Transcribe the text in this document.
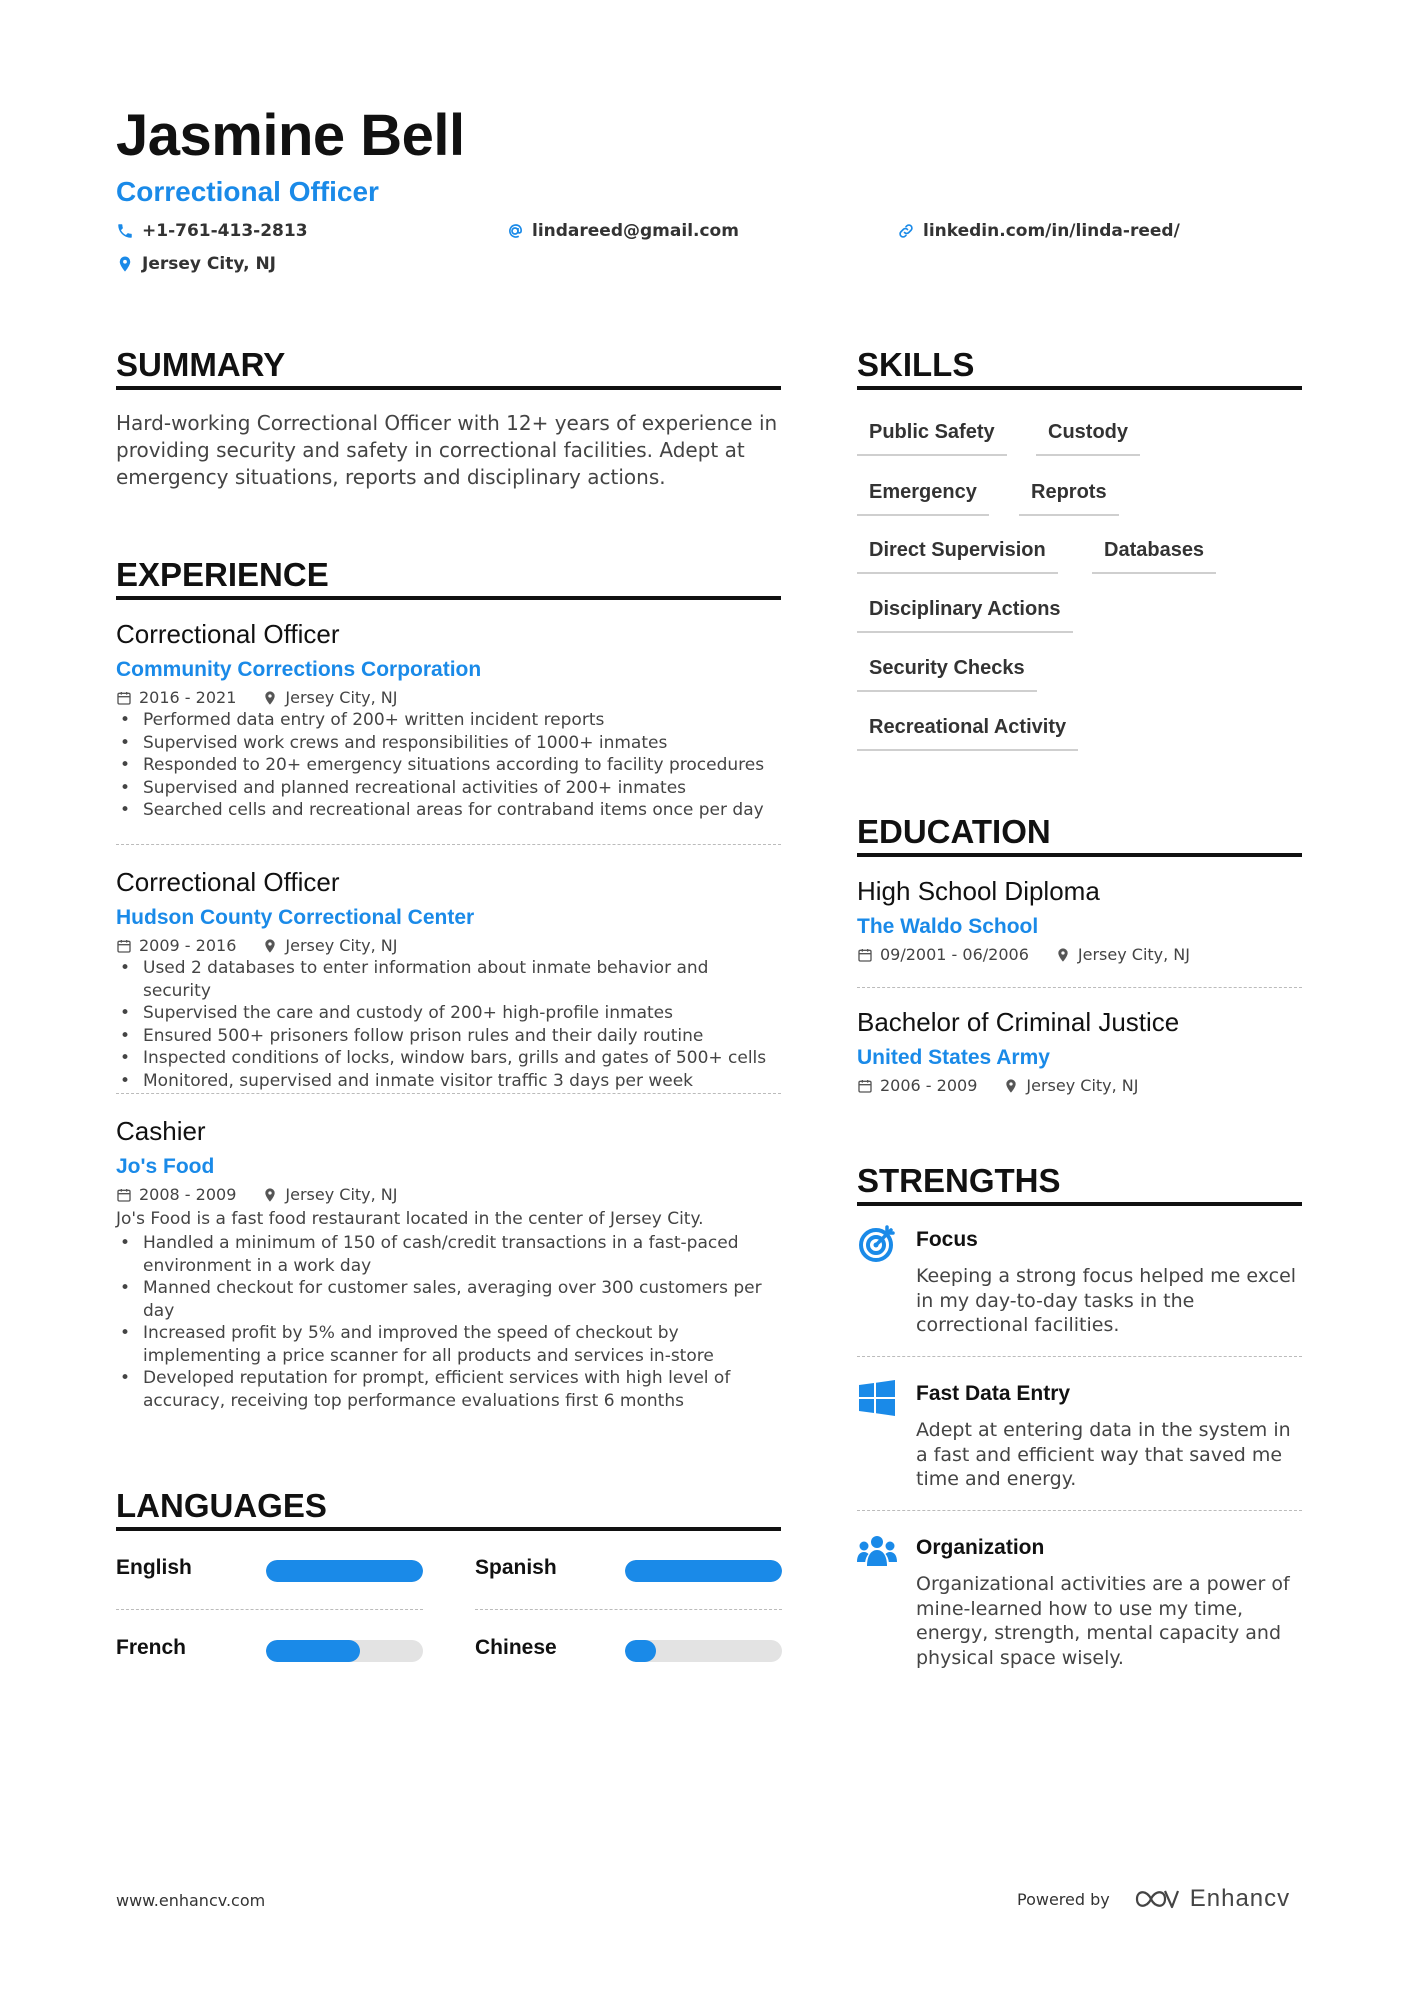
Jasmine Bell
Correctional Officer
+1-761-413-2813	lindareed@gmail.com	linkedin.com/in/linda-reed/
Jersey City, NJ
SUMMARY
Hard-working Correctional Officer with 12+ years of experience in providing security and safety in correctional facilities. Adept at emergency situations, reports and disciplinary actions.
EXPERIENCE
Correctional Officer
Community Corrections Corporation
2016 - 2021	Jersey City, NJ
• Performed data entry of 200+ written incident reports
• Supervised work crews and responsibilities of 1000+ inmates
• Responded to 20+ emergency situations according to facility procedures
• Supervised and planned recreational activities of 200+ inmates
• Searched cells and recreational areas for contraband items once per day
Correctional Officer
Hudson County Correctional Center
2009 - 2016	Jersey City, NJ
• Used 2 databases to enter information about inmate behavior and security
• Supervised the care and custody of 200+ high-profile inmates
• Ensured 500+ prisoners follow prison rules and their daily routine
• Inspected conditions of locks, window bars, grills and gates of 500+ cells
• Monitored, supervised and inmate visitor traffic 3 days per week
Cashier
Jo's Food
2008 - 2009	Jersey City, NJ
Jo's Food is a fast food restaurant located in the center of Jersey City.
• Handled a minimum of 150 of cash/credit transactions in a fast-paced environment in a work day
• Manned checkout for customer sales, averaging over 300 customers per day
• Increased profit by 5% and improved the speed of checkout by implementing a price scanner for all products and services in-store
• Developed reputation for prompt, efficient services with high level of accuracy, receiving top performance evaluations first 6 months
LANGUAGES
English	Spanish
French	Chinese
SKILLS
Public Safety	Custody
Emergency	Reprots
Direct Supervision	Databases
Disciplinary Actions
Security Checks
Recreational Activity
EDUCATION
High School Diploma
The Waldo School
09/2001 - 06/2006	Jersey City, NJ
Bachelor of Criminal Justice
United States Army
2006 - 2009	Jersey City, NJ
STRENGTHS
Focus
Keeping a strong focus helped me excel in my day-to-day tasks in the correctional facilities.
Fast Data Entry
Adept at entering data in the system in a fast and efficient way that saved me time and energy.
Organization
Organizational activities are a power of mine-learned how to use my time, energy, strength, mental capacity and physical space wisely.
www.enhancv.com	Powered by	Enhancv
